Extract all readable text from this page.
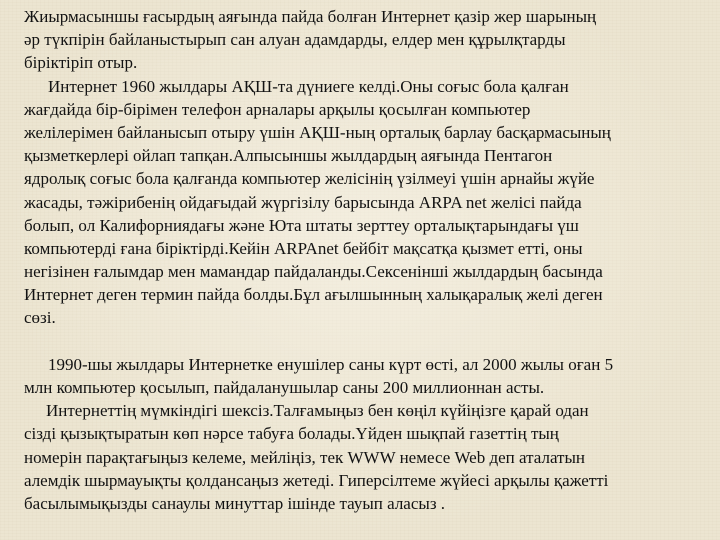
Жиырмасыншы ғасырдың аяғында пайда болған Интернет қазір жер шарының
әр түкпірін байланыстырып сан алуан адамдарды, елдер мен құрылқтарды
біріктіріп отыр.

Интернет 1960 жылдары АҚШ-та дүниеге келді.Оны соғыс бола қалған
жағдайда бір-бірімен телефон арналары арқылы қосылған компьютер
желілерімен байланысып отыру үшін АҚШ-ның орталық барлау басқармасының
қызметкерлері ойлап тапқан.Алпысыншы жылдардың аяғында Пентагон
ядролық соғыс бола қалғанда компьютер желісінің үзілмеуі үшін арнайы жүйе
жасады, тәжірибенің ойдағыдай жүргізілу барысында ARPA net желісі пайда
болып, ол Калифорниядағы және Юта штаты зерттеу орталықтарындағы үш
компьютерді ғана біріктірді.Кейін ARPAnet бейбіт мақсатқа қызмет етті, оны
негізінен ғалымдар мен мамандар пайдаланды.Сексенінші жылдардың басында
Интернет деген термин пайда болды.Бұл ағылшынның халықаралық желі деген
сөзі.

1990-шы жылдары Интернетке енушілер саны күрт өсті, ал 2000 жылы оған 5
млн компьютер қосылып, пайдаланушылар саны 200 миллионнан асты.

Интернеттің мүмкіндігі шексіз.Талғамыңыз бен көңіл күйіңізге қарай одан
сізді қызықтыратын көп нәрсе табуға болады.Үйден шықпай газеттің тың
номерін парақтағыңыз келеме, мейліңіз, тек WWW немесе Web деп аталатын
алемдік шырмауықты қолдансаңыз жетеді. Гиперсілтеме жүйесі арқылы қажетті
басылымықызды санаулы минуттар ішінде тауып аласыз .
